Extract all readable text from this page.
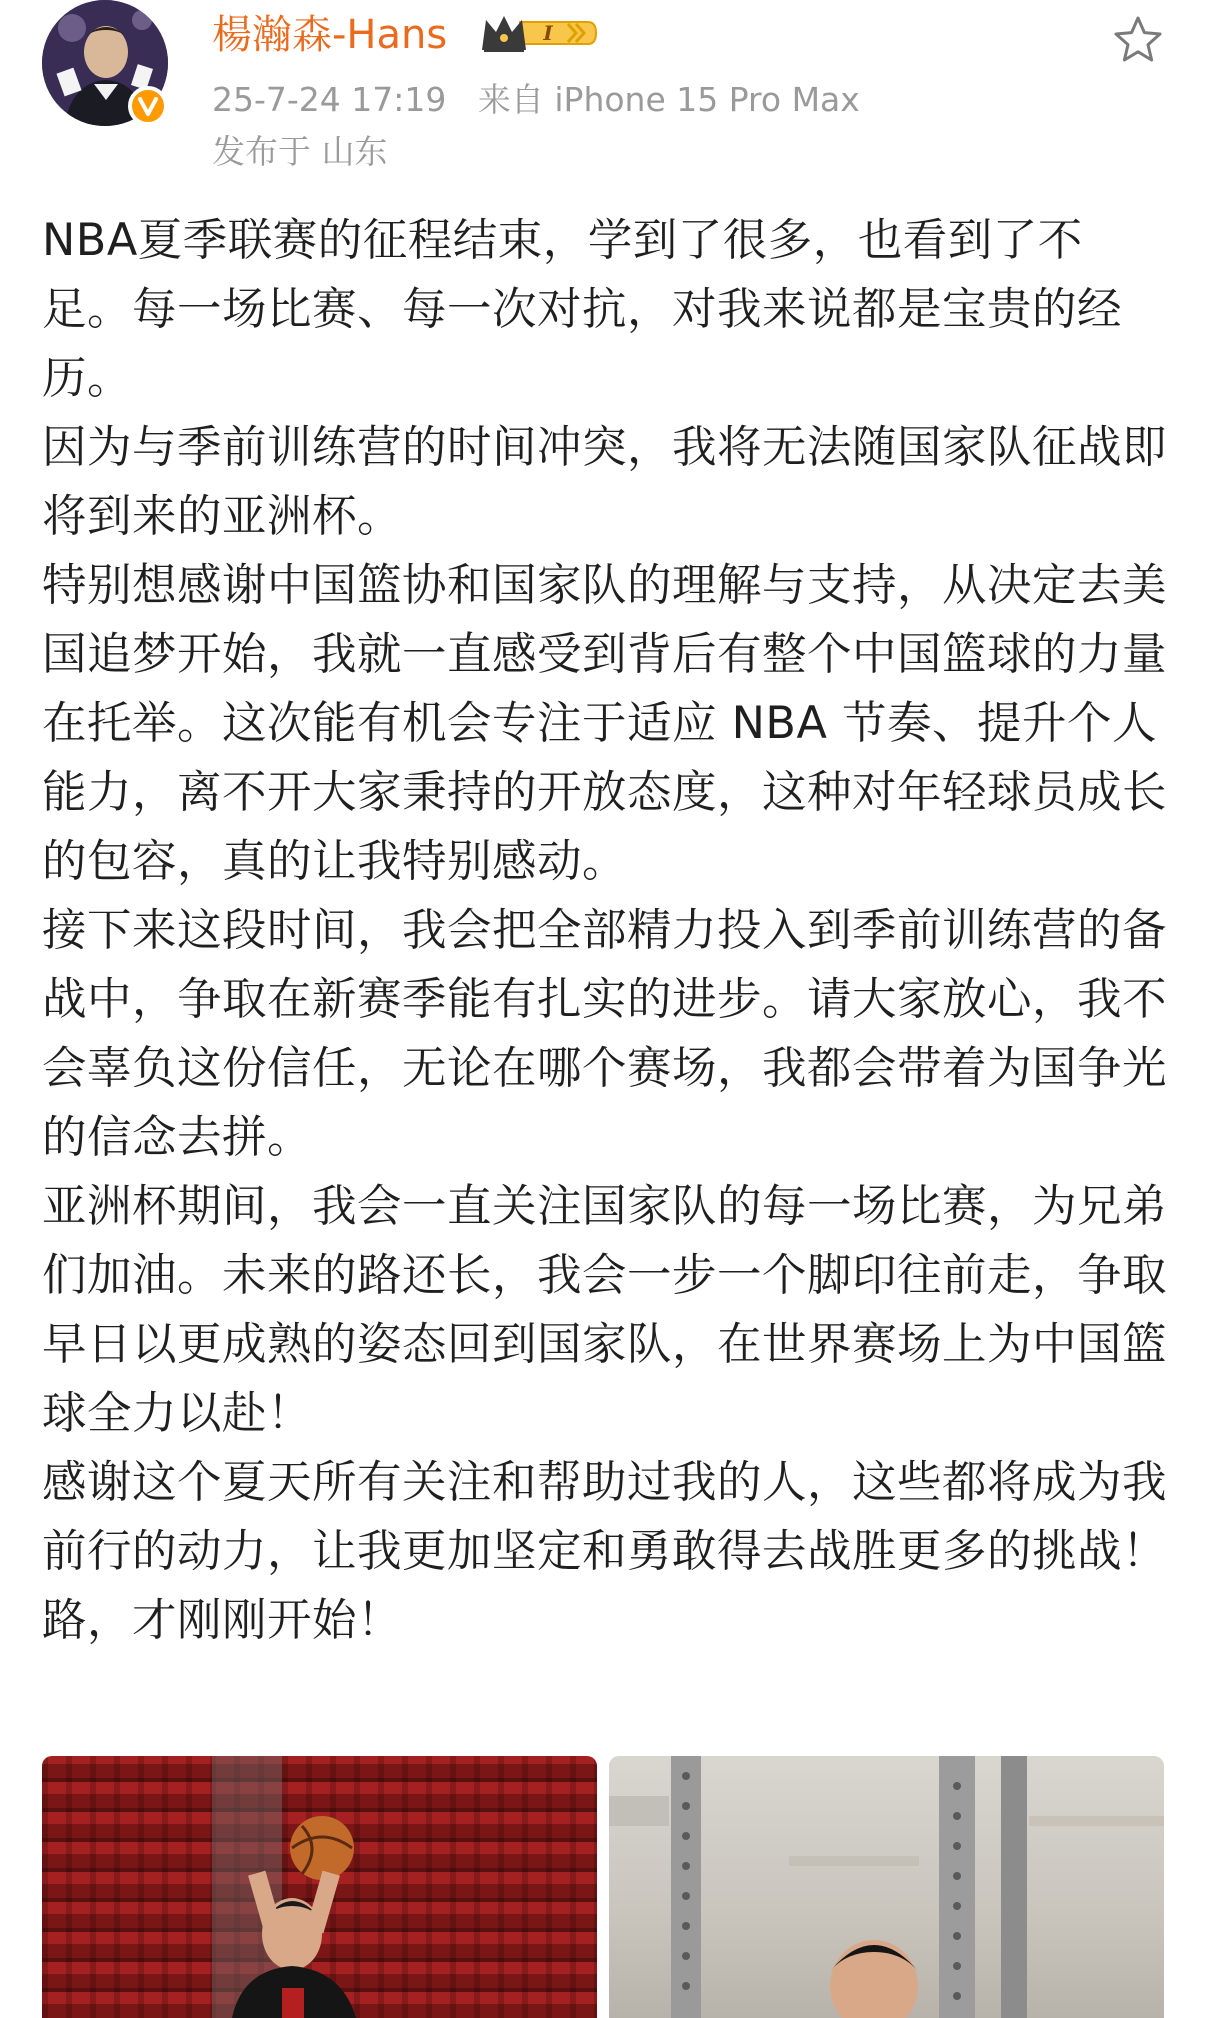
楊瀚森-Hans	I
25-7-24 17:19 来自 iPhone 15 Pro Max
发布于 山东

NBA夏季联赛的征程结束，学到了很多，也看到了不足。每一场比赛、每一次对抗，对我来说都是宝贵的经历。

因为与季前训练营的时间冲突，我将无法随国家队征战即将到来的亚洲杯。

特别想感谢中国篮协和国家队的理解与支持，从决定去美国追梦开始，我就一直感受到背后有整个中国篮球的力量在托举。这次能有机会专注于适应 NBA 节奏、提升个人能力，离不开大家秉持的开放态度，这种对年轻球员成长的包容，真的让我特别感动。

接下来这段时间，我会把全部精力投入到季前训练营的备战中，争取在新赛季能有扎实的进步。请大家放心，我不会辜负这份信任，无论在哪个赛场，我都会带着为国争光的信念去拼。

亚洲杯期间，我会一直关注国家队的每一场比赛，为兄弟们加油。未来的路还长，我会一步一个脚印往前走，争取早日以更成熟的姿态回到国家队，在世界赛场上为中国篮球全力以赴！

感谢这个夏天所有关注和帮助过我的人，这些都将成为我前行的动力，让我更加坚定和勇敢得去战胜更多的挑战！

路，才刚刚开始！
